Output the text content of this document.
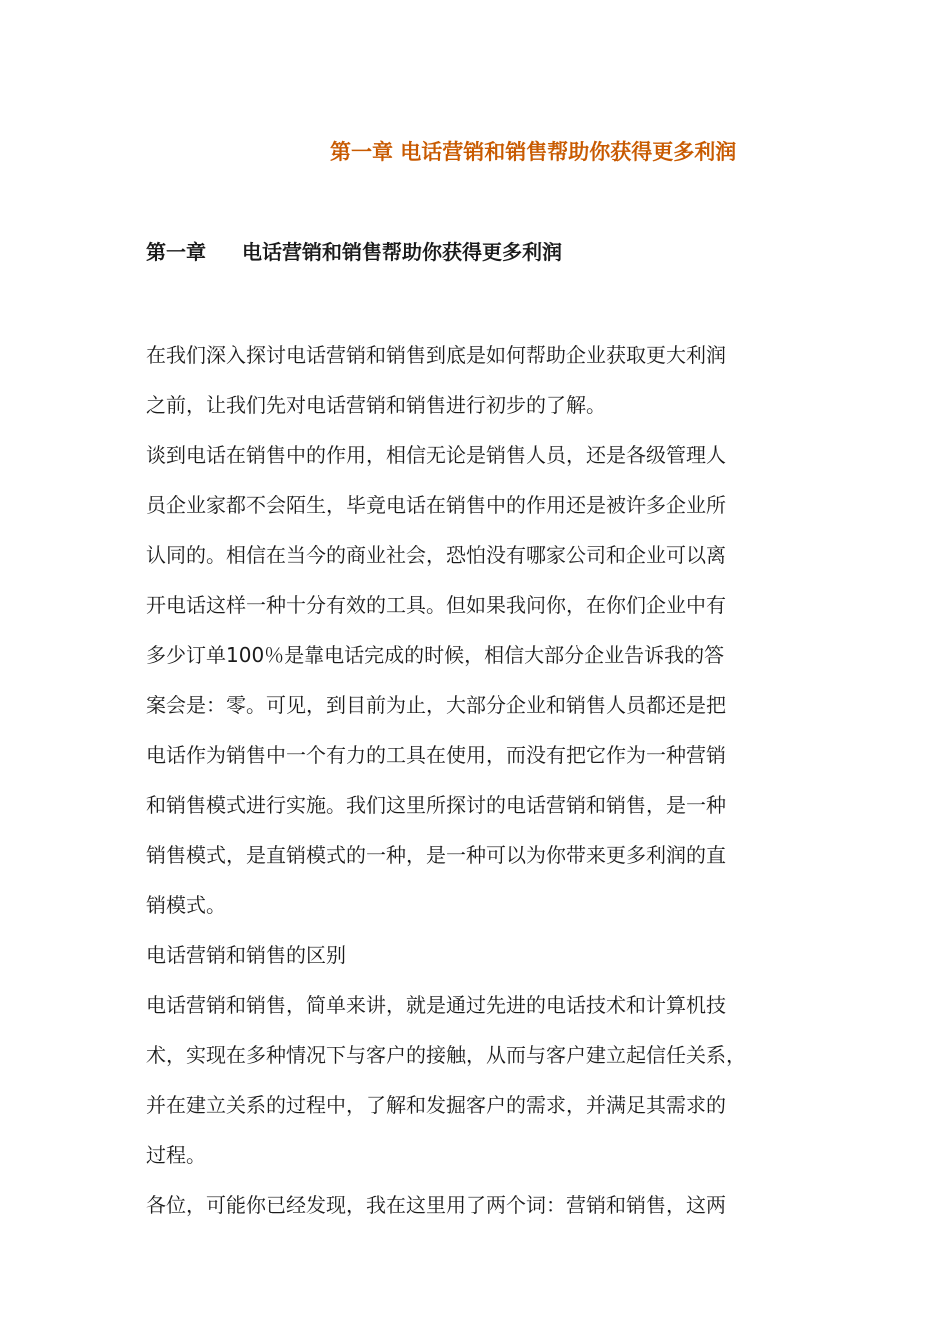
第一章 电话营销和销售帮助你获得更多利润
第一章 电话营销和销售帮助你获得更多利润

在我们深入探讨电话营销和销售到底是如何帮助企业获取更大利润

之前，让我们先对电话营销和销售进行初步的了解。

谈到电话在销售中的作用，相信无论是销售人员，还是各级管理人

员企业家都不会陌生，毕竟电话在销售中的作用还是被许多企业所

认同的。相信在当今的商业社会，恐怕没有哪家公司和企业可以离

开电话这样一种十分有效的工具。但如果我问你，在你们企业中有

多少订单100％是靠电话完成的时候，相信大部分企业告诉我的答

案会是：零。可见，到目前为止，大部分企业和销售人员都还是把

电话作为销售中一个有力的工具在使用，而没有把它作为一种营销

和销售模式进行实施。我们这里所探讨的电话营销和销售，是一种

销售模式，是直销模式的一种，是一种可以为你带来更多利润的直

销模式。

电话营销和销售的区别

电话营销和销售，简单来讲，就是通过先进的电话技术和计算机技

术，实现在多种情况下与客户的接触，从而与客户建立起信任关系，

并在建立关系的过程中，了解和发掘客户的需求，并满足其需求的

过程。

各位，可能你已经发现，我在这里用了两个词：营销和销售，这两
